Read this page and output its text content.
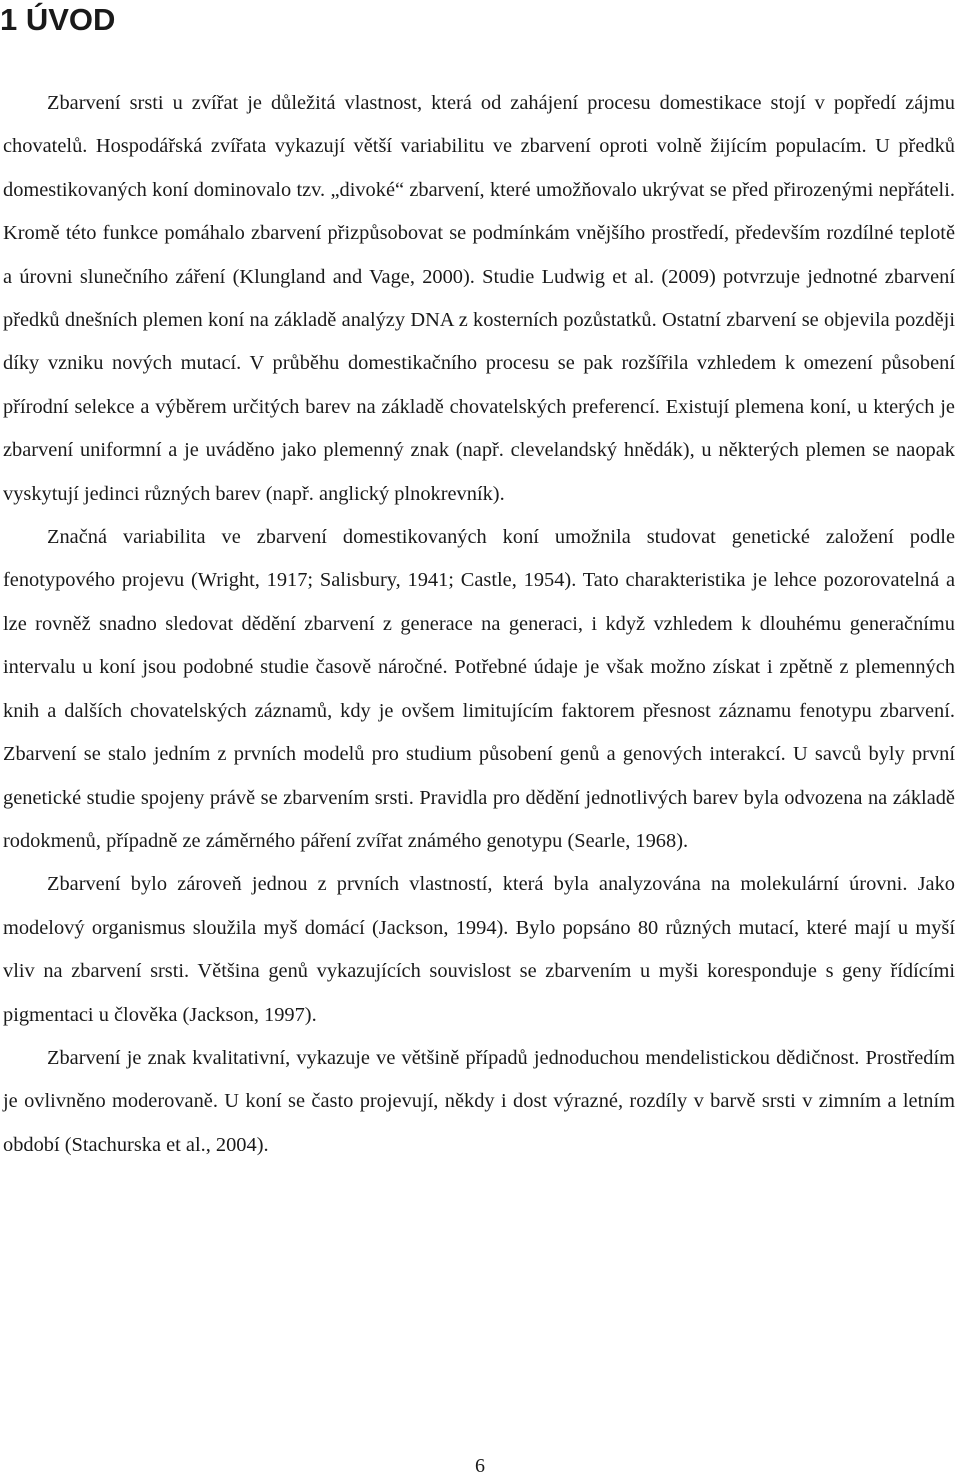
1 ÚVOD

Zbarvení srsti u zvířat je důležitá vlastnost, která od zahájení procesu domestikace stojí v popředí zájmu chovatelů. Hospodářská zvířata vykazují větší variabilitu ve zbarvení oproti volně žijícím populacím. U předků domestikovaných koní dominovalo tzv. „divoké“ zbarvení, které umožňovalo ukrývat se před přirozenými nepřáteli. Kromě této funkce pomáhalo zbarvení přizpůsobovat se podmínkám vnějšího prostředí, především rozdílné teplotě a úrovni slunečního záření (Klungland and Vage, 2000). Studie Ludwig et al. (2009) potvrzuje jednotné zbarvení předků dnešních plemen koní na základě analýzy DNA z kosterních pozůstatků. Ostatní zbarvení se objevila později díky vzniku nových mutací. V průběhu domestikačního procesu se pak rozšířila vzhledem k omezení působení přírodní selekce a výběrem určitých barev na základě chovatelských preferencí. Existují plemena koní, u kterých je zbarvení uniformní a je uváděno jako plemenný znak (např. clevelandský hnědák), u některých plemen se naopak vyskytují jedinci různých barev (např. anglický plnokrevník).

Značná variabilita ve zbarvení domestikovaných koní umožnila studovat genetické založení podle fenotypového projevu (Wright, 1917; Salisbury, 1941; Castle, 1954). Tato charakteristika je lehce pozorovatelná a lze rovněž snadno sledovat dědění zbarvení z generace na generaci, i když vzhledem k dlouhému generačnímu intervalu u koní jsou podobné studie časově náročné. Potřebné údaje je však možno získat i zpětně z plemenných knih a dalších chovatelských záznamů, kdy je ovšem limitujícím faktorem přesnost záznamu fenotypu zbarvení. Zbarvení se stalo jedním z prvních modelů pro studium působení genů a genových interakcí. U savců byly první genetické studie spojeny právě se zbarvením srsti. Pravidla pro dědění jednotlivých barev byla odvozena na základě rodokmenů, případně ze záměrného páření zvířat známého genotypu (Searle, 1968).

Zbarvení bylo zároveň jednou z prvních vlastností, která byla analyzována na molekulární úrovni. Jako modelový organismus sloužila myš domácí (Jackson, 1994). Bylo popsáno 80 různých mutací, které mají u myší vliv na zbarvení srsti. Většina genů vykazujících souvislost se zbarvením u myši koresponduje s geny řídícími pigmentaci u člověka (Jackson, 1997).

Zbarvení je znak kvalitativní, vykazuje ve většině případů jednoduchou mendelistickou dědičnost. Prostředím je ovlivněno moderovaně. U koní se často projevují, někdy i dost výrazné, rozdíly v barvě srsti v zimním a letním období (Stachurska et al., 2004).

6
